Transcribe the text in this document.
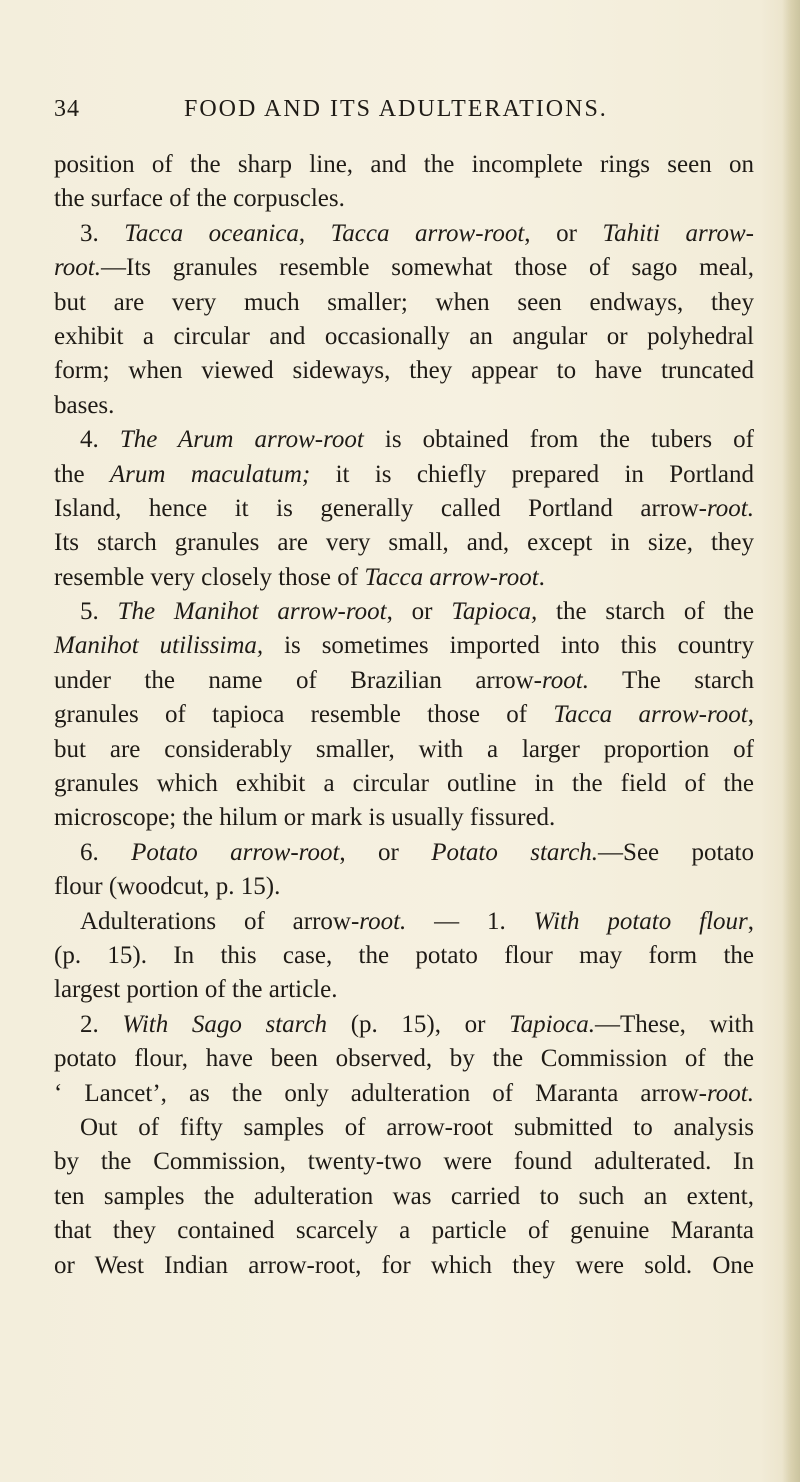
34	FOOD AND ITS ADULTERATIONS.
position of the sharp line, and the incomplete rings seen on
the surface of the corpuscles.
3. Tacca oceanica, Tacca arrow-root, or Tahiti arrow-
root.—Its granules resemble somewhat those of sago meal,
but are very much smaller; when seen endways, they
exhibit a circular and occasionally an angular or polyhedral
form; when viewed sideways, they appear to have truncated
bases.
4. The Arum arrow-root is obtained from the tubers of
the Arum maculatum; it is chiefly prepared in Portland
Island, hence it is generally called Portland arrow-root.
Its starch granules are very small, and, except in size, they
resemble very closely those of Tacca arrow-root.
5. The Manihot arrow-root, or Tapioca, the starch of the
Manihot utilissima, is sometimes imported into this country
under the name of Brazilian arrow-root. The starch
granules of tapioca resemble those of Tacca arrow-root,
but are considerably smaller, with a larger proportion of
granules which exhibit a circular outline in the field of the
microscope; the hilum or mark is usually fissured.
6. Potato arrow-root, or Potato starch.—See potato
flour (woodcut, p. 15).
Adulterations of arrow-root. — 1. With potato flour,
(p. 15). In this case, the potato flour may form the
largest portion of the article.
2. With Sago starch (p. 15), or Tapioca.—These, with
potato flour, have been observed, by the Commission of the
‘ Lancet’, as the only adulteration of Maranta arrow-root.
Out of fifty samples of arrow-root submitted to analysis
by the Commission, twenty-two were found adulterated. In
ten samples the adulteration was carried to such an extent,
that they contained scarcely a particle of genuine Maranta
or West Indian arrow-root, for which they were sold. One
